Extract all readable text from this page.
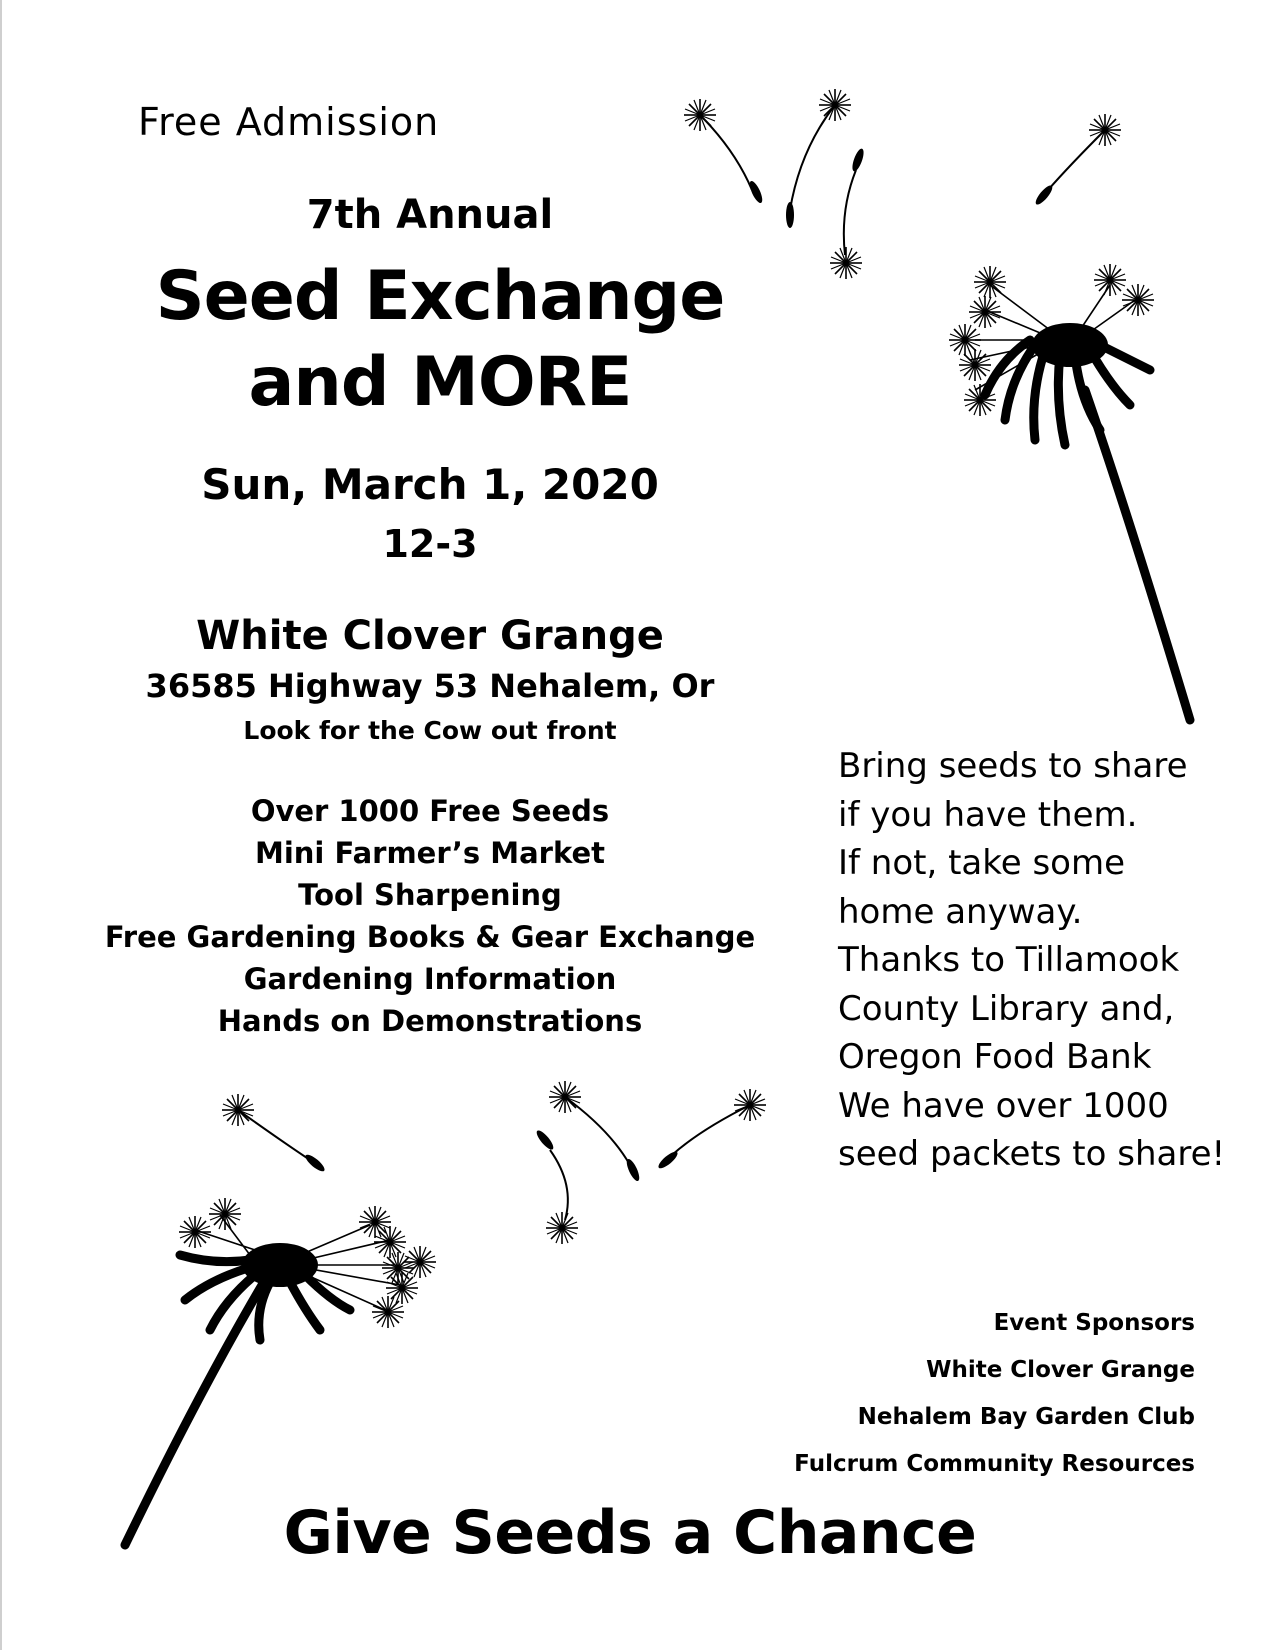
Free Admission
7th Annual
Seed Exchange
and MORE
Sun, March 1, 2020
12-3
White Clover Grange
36585 Highway 53 Nehalem, Or
Look for the Cow out front
Over 1000 Free Seeds
Mini Farmer’s Market
Tool Sharpening
Free Gardening Books & Gear Exchange
Gardening Information
Hands on Demonstrations
Bring seeds to share
if you have them.
If not, take some
home anyway.
Thanks to Tillamook
County Library and,
Oregon Food Bank
We have over 1000
seed packets to share!
Event Sponsors
White Clover Grange
Nehalem Bay Garden Club
Fulcrum Community Resources
Give Seeds a Chance
